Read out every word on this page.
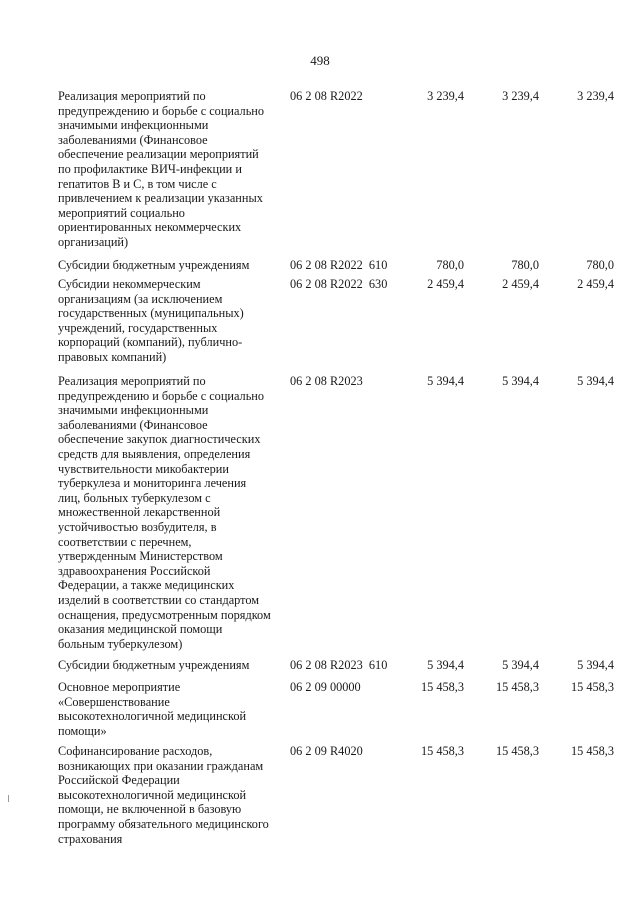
498
Реализация мероприятий по
предупреждению и борьбе с социально
значимыми инфекционными
заболеваниями (Финансовое
обеспечение реализации мероприятий
по профилактике ВИЧ-инфекции и
гепатитов B и C, в том числе с
привлечением к реализации указанных
мероприятий социально
ориентированных некоммерческих
организаций)
06 2 08 R2022	3 239,4	3 239,4	3 239,4
Субсидии бюджетным учреждениям	06 2 08 R2022  610	780,0	780,0	780,0
Субсидии некоммерческим
организациям (за исключением
государственных (муниципальных)
учреждений, государственных
корпораций (компаний), публично-
правовых компаний)
06 2 08 R2022  630	2 459,4	2 459,4	2 459,4
Реализация мероприятий по
предупреждению и борьбе с социально
значимыми инфекционными
заболеваниями (Финансовое
обеспечение закупок диагностических
средств для выявления, определения
чувствительности микобактерии
туберкулеза и мониторинга лечения
лиц, больных туберкулезом с
множественной лекарственной
устойчивостью возбудителя, в
соответствии с перечнем,
утвержденным Министерством
здравоохранения Российской
Федерации, а также медицинских
изделий в соответствии со стандартом
оснащения, предусмотренным порядком
оказания медицинской помощи
больным туберкулезом)
06 2 08 R2023	5 394,4	5 394,4	5 394,4
Субсидии бюджетным учреждениям	06 2 08 R2023  610	5 394,4	5 394,4	5 394,4
Основное мероприятие
«Совершенствование
высокотехнологичной медицинской
помощи»
06 2 09 00000	15 458,3	15 458,3	15 458,3
Софинансирование расходов,
возникающих при оказании гражданам
Российской Федерации
высокотехнологичной медицинской
помощи, не включенной в базовую
программу обязательного медицинского
страхования
06 2 09 R4020	15 458,3	15 458,3	15 458,3
